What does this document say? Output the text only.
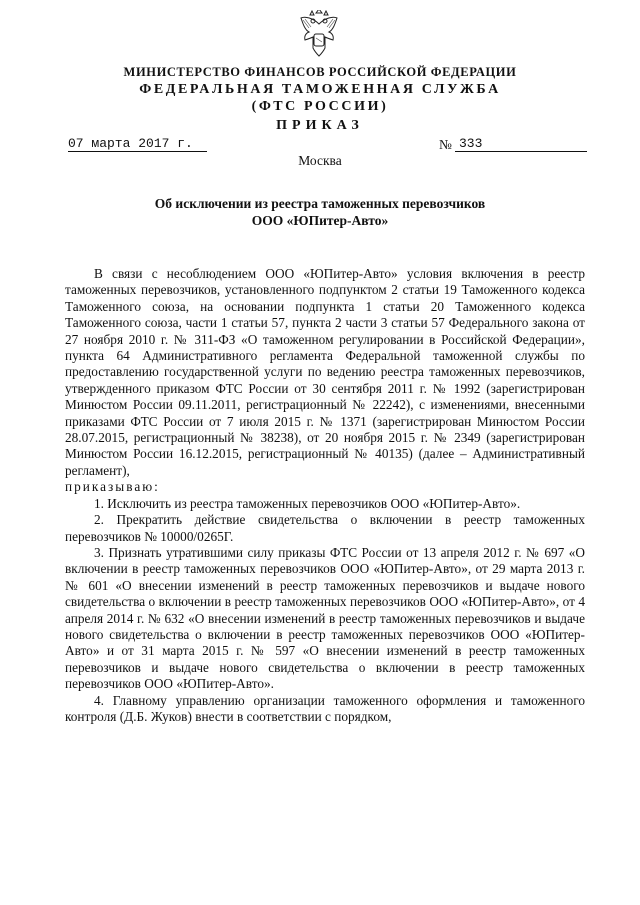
МИНИСТЕРСТВО ФИНАНСОВ РОССИЙСКОЙ ФЕДЕРАЦИИ
ФЕДЕРАЛЬНАЯ ТАМОЖЕННАЯ СЛУЖБА
(ФТС РОССИИ)
ПРИКАЗ
07 марта 2017 г.	№ 333
Москва
Об исключении из реестра таможенных перевозчиков
ООО «ЮПитер-Авто»

В связи с несоблюдением ООО «ЮПитер-Авто» условия включения в реестр таможенных перевозчиков, установленного подпунктом 2 статьи 19 Таможенного кодекса Таможенного союза, на основании подпункта 1 статьи 20 Таможенного кодекса Таможенного союза, части 1 статьи 57, пункта 2 части 3 статьи 57 Федерального закона от 27 ноября 2010 г. № 311-ФЗ «О таможенном регулировании в Российской Федерации», пункта 64 Административного регламента Федеральной таможенной службы по предоставлению государственной услуги по ведению реестра таможенных перевозчиков, утвержденного приказом ФТС России от 30 сентября 2011 г. № 1992 (зарегистрирован Минюстом России 09.11.2011, регистрационный № 22242), с изменениями, внесенными приказами ФТС России от 7 июля 2015 г. № 1371 (зарегистрирован Минюстом России 28.07.2015, регистрационный № 38238), от 20 ноября 2015 г. № 2349 (зарегистрирован Минюстом России 16.12.2015, регистрационный № 40135) (далее – Административный регламент),

приказываю:

1. Исключить из реестра таможенных перевозчиков ООО «ЮПитер-Авто».

2. Прекратить действие свидетельства о включении в реестр таможенных перевозчиков № 10000/0265Г.

3. Признать утратившими силу приказы ФТС России от 13 апреля 2012 г. № 697 «О включении в реестр таможенных перевозчиков ООО «ЮПитер-Авто», от 29 марта 2013 г. № 601 «О внесении изменений в реестр таможенных перевозчиков и выдаче нового свидетельства о включении в реестр таможенных перевозчиков ООО «ЮПитер-Авто», от 4 апреля 2014 г. № 632 «О внесении изменений в реестр таможенных перевозчиков и выдаче нового свидетельства о включении в реестр таможенных перевозчиков ООО «ЮПитер-Авто» и от 31 марта 2015 г. № 597 «О внесении изменений в реестр таможенных перевозчиков и выдаче нового свидетельства о включении в реестр таможенных перевозчиков ООО «ЮПитер-Авто».

4. Главному управлению организации таможенного оформления и таможенного контроля (Д.Б. Жуков) внести в соответствии с порядком,
